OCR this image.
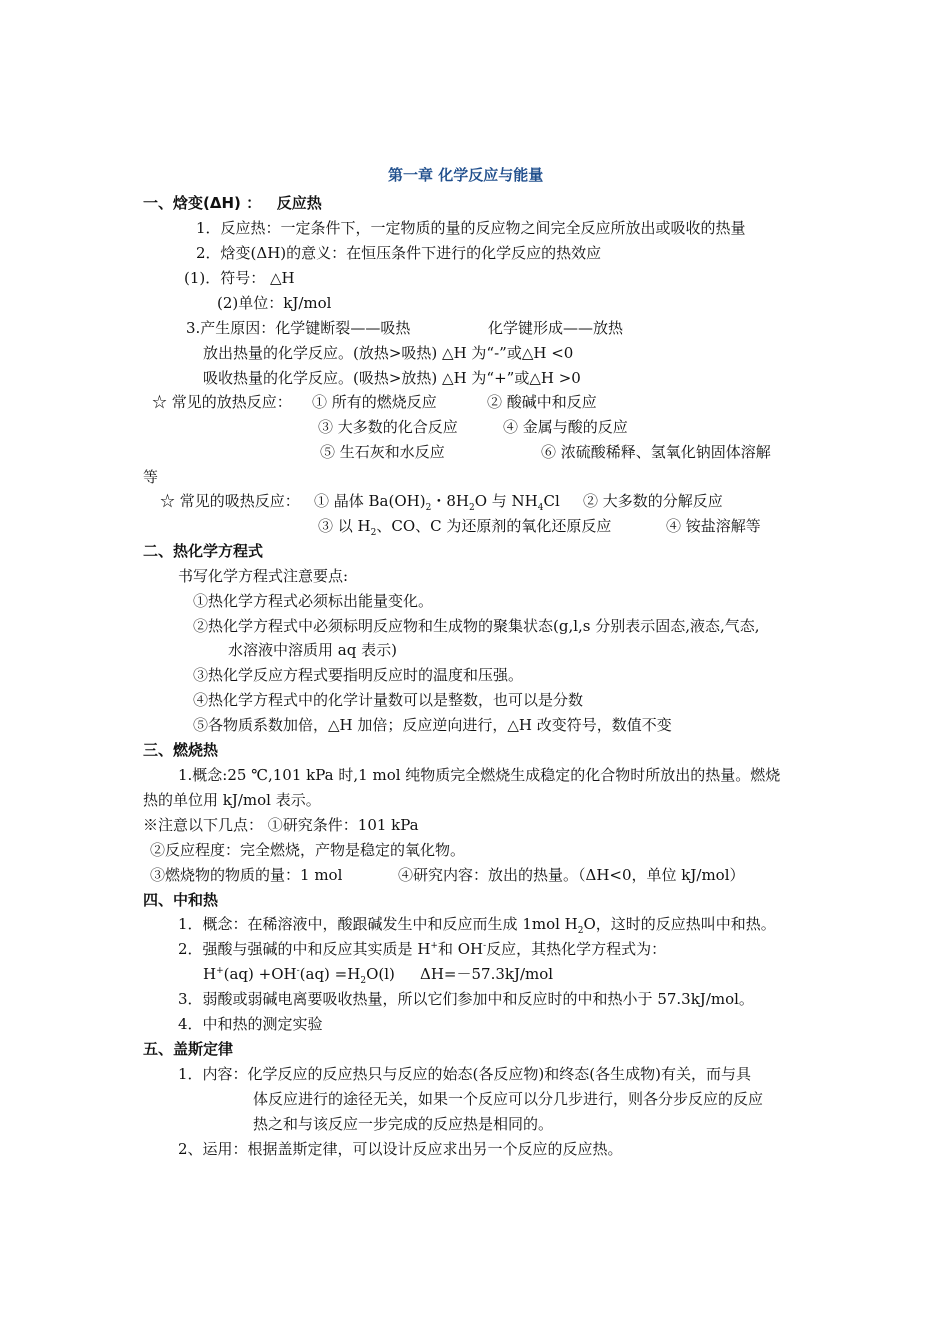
第一章 化学反应与能量
一、焓变(ΔH) ： 反应热
1．反应热：一定条件下，一定物质的量的反应物之间完全反应所放出或吸收的热量
2．焓变(ΔH)的意义：在恒压条件下进行的化学反应的热效应
(1)．符号： △H
(2)单位：kJ/mol
3.产生原因：化学键断裂——吸热	化学键形成——放热
放出热量的化学反应。(放热>吸热) △H 为“-”或△H <0
吸收热量的化学反应。(吸热>放热) △H 为“+”或△H >0
☆ 常见的放热反应： ① 所有的燃烧反应	② 酸碱中和反应
③ 大多数的化合反应	④ 金属与酸的反应
⑤ 生石灰和水反应	⑥ 浓硫酸稀释、氢氧化钠固体溶解
等
☆ 常见的吸热反应： ① 晶体 $Ba(OH)_2$・$8H_2O$ 与 $NH_4Cl$ ② 大多数的分解反应
③ 以 $H_2$、CO、C 为还原剂的氧化还原反应	④ 铵盐溶解等
二、热化学方程式
书写化学方程式注意要点:
①热化学方程式必须标出能量变化。
②热化学方程式中必须标明反应物和生成物的聚集状态(g,l,s 分别表示固态,液态,气态,
水溶液中溶质用 aq 表示)
③热化学反应方程式要指明反应时的温度和压强。
④热化学方程式中的化学计量数可以是整数，也可以是分数
⑤各物质系数加倍，△H 加倍；反应逆向进行，△H 改变符号，数值不变
三、燃烧热
1.概念:25 ℃,101 kPa 时,1 mol 纯物质完全燃烧生成稳定的化合物时所放出的热量。燃烧
热的单位用 kJ/mol 表示。
※注意以下几点： ①研究条件：101 kPa
②反应程度：完全燃烧，产物是稳定的氧化物。
③燃烧物的物质的量：1 mol	④研究内容：放出的热量。（ΔH<0，单位 kJ/mol）
四、中和热
1．概念：在稀溶液中，酸跟碱发生中和反应而生成 1mol $H_2O$，这时的反应热叫中和热。
2．强酸与强碱的中和反应其实质是 H+和 OH-反应，其热化学方程式为：
$H^+(aq) +OH^-(aq) =H_2O(l)$ ΔH=－57.3kJ/mol
3．弱酸或弱碱电离要吸收热量，所以它们参加中和反应时的中和热小于 57.3kJ/mol。
4．中和热的测定实验
五、盖斯定律
1．内容：化学反应的反应热只与反应的始态(各反应物)和终态(各生成物)有关，而与具
体反应进行的途径无关，如果一个反应可以分几步进行，则各分步反应的反应
热之和与该反应一步完成的反应热是相同的。
2、运用：根据盖斯定律，可以设计反应求出另一个反应的反应热。
